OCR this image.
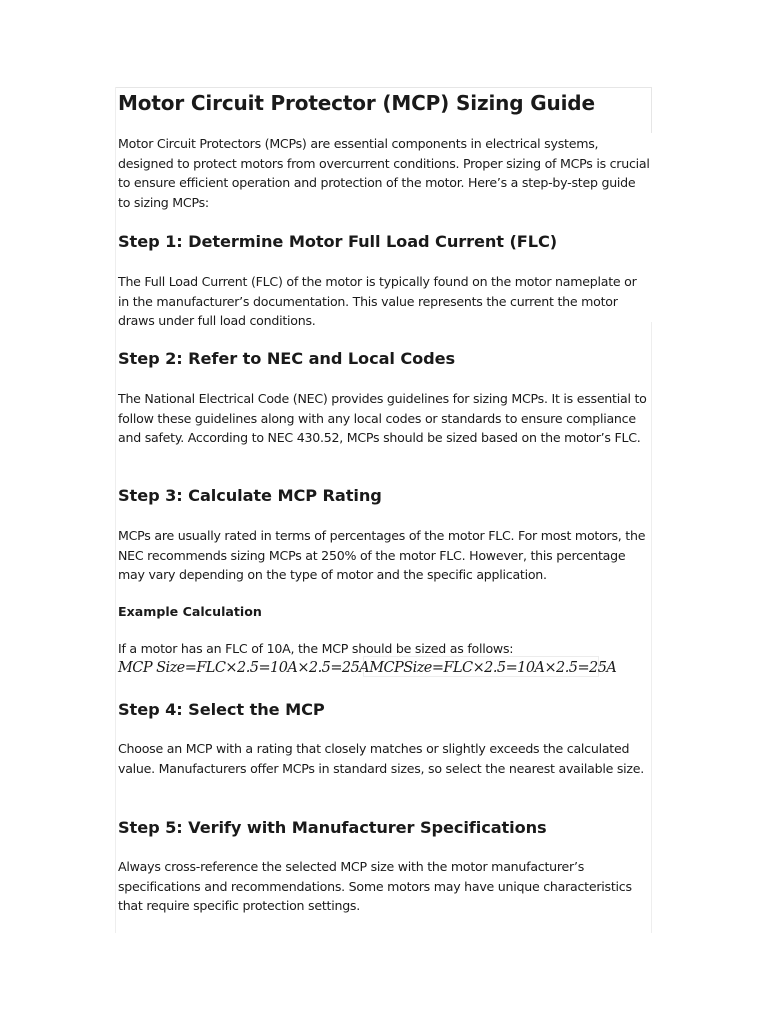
Motor Circuit Protector (MCP) Sizing Guide

Motor Circuit Protectors (MCPs) are essential components in electrical systems, designed to protect motors from overcurrent conditions. Proper sizing of MCPs is crucial to ensure efficient operation and protection of the motor. Here’s a step-by-step guide to sizing MCPs:

Step 1: Determine Motor Full Load Current (FLC)

The Full Load Current (FLC) of the motor is typically found on the motor nameplate or in the manufacturer’s documentation. This value represents the current the motor draws under full load conditions.

Step 2: Refer to NEC and Local Codes

The National Electrical Code (NEC) provides guidelines for sizing MCPs. It is essential to follow these guidelines along with any local codes or standards to ensure compliance and safety. According to NEC 430.52, MCPs should be sized based on the motor’s FLC.

Step 3: Calculate MCP Rating

MCPs are usually rated in terms of percentages of the motor FLC. For most motors, the NEC recommends sizing MCPs at 250% of the motor FLC. However, this percentage may vary depending on the type of motor and the specific application.

Example Calculation

If a motor has an FLC of 10A, the MCP should be sized as follows:

MCP Size=FLC×2.5=10A×2.5=25AMCPSize=FLC×2.5=10A×2.5=25A
Step 4: Select the MCP

Choose an MCP with a rating that closely matches or slightly exceeds the calculated value. Manufacturers offer MCPs in standard sizes, so select the nearest available size.

Step 5: Verify with Manufacturer Specifications

Always cross-reference the selected MCP size with the motor manufacturer’s specifications and recommendations. Some motors may have unique characteristics that require specific protection settings.
